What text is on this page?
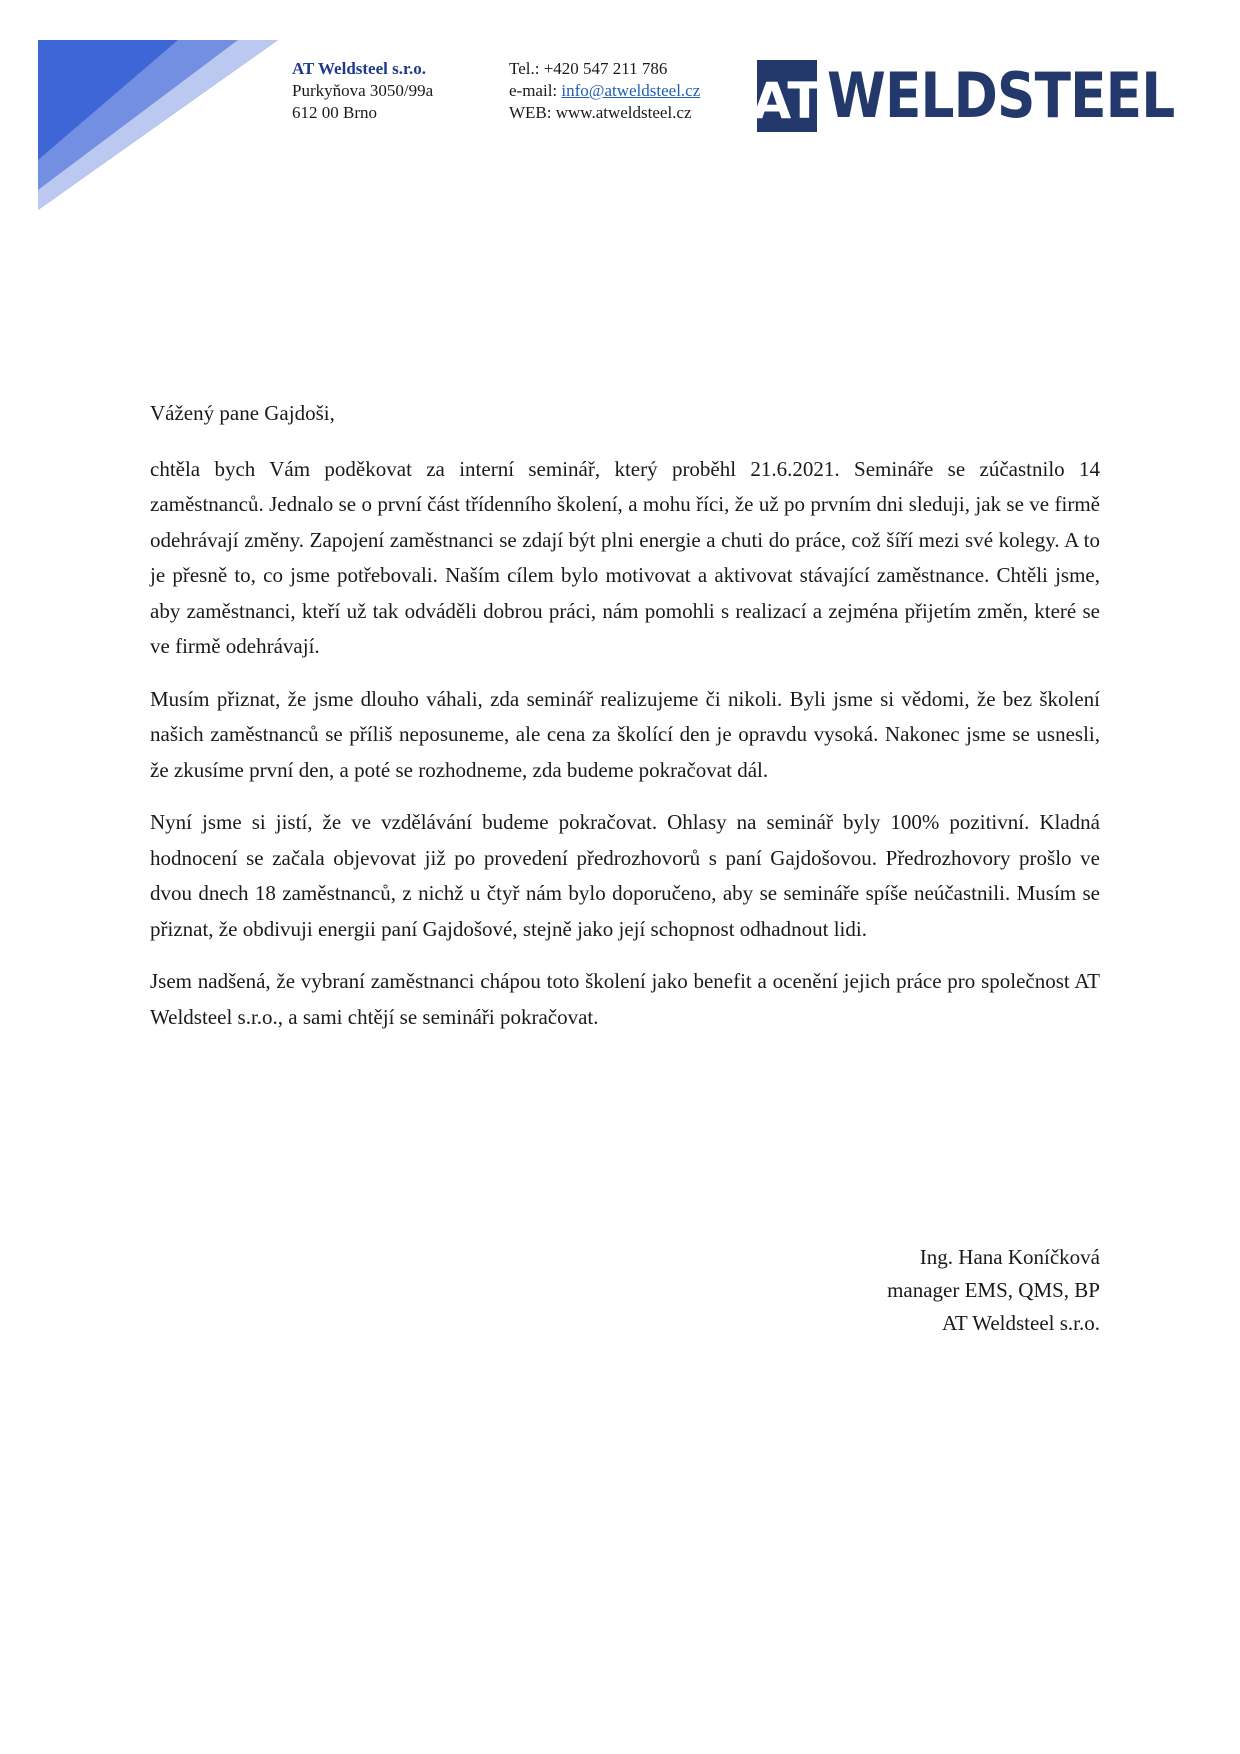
AT Weldsteel s.r.o.
Purkyňova 3050/99a
612 00 Brno
Tel.: +420 547 211 786
e-mail: info@atweldsteel.cz
WEB: www.atweldsteel.cz AT WELDSTEEL

Vážený pane Gajdoši,

chtěla bych Vám poděkovat za interní seminář, který proběhl 21.6.2021. Semináře se zúčastnilo 14 zaměstnanců. Jednalo se o první část třídenního školení, a mohu říci, že už po prvním dni sleduji, jak se ve firmě odehrávají změny. Zapojení zaměstnanci se zdají být plni energie a chuti do práce, což šíří mezi své kolegy. A to je přesně to, co jsme potřebovali. Naším cílem bylo motivovat a aktivovat stávající zaměstnance. Chtěli jsme, aby zaměstnanci, kteří už tak odváděli dobrou práci, nám pomohli s realizací a zejména přijetím změn, které se ve firmě odehrávají.

Musím přiznat, že jsme dlouho váhali, zda seminář realizujeme či nikoli. Byli jsme si vědomi, že bez školení našich zaměstnanců se příliš neposuneme, ale cena za školící den je opravdu vysoká. Nakonec jsme se usnesli, že zkusíme první den, a poté se rozhodneme, zda budeme pokračovat dál.

Nyní jsme si jistí, že ve vzdělávání budeme pokračovat. Ohlasy na seminář byly 100% pozitivní. Kladná hodnocení se začala objevovat již po provedení předrozhovorů s paní Gajdošovou. Předrozhovory prošlo ve dvou dnech 18 zaměstnanců, z nichž u čtyř nám bylo doporučeno, aby se semináře spíše neúčastnili. Musím se přiznat, že obdivuji energii paní Gajdošové, stejně jako její schopnost odhadnout lidi.

Jsem nadšená, že vybraní zaměstnanci chápou toto školení jako benefit a ocenění jejich práce pro společnost AT Weldsteel s.r.o., a sami chtějí se semináři pokračovat.

Ing. Hana Koníčková
manager EMS, QMS, BP
AT Weldsteel s.r.o.
